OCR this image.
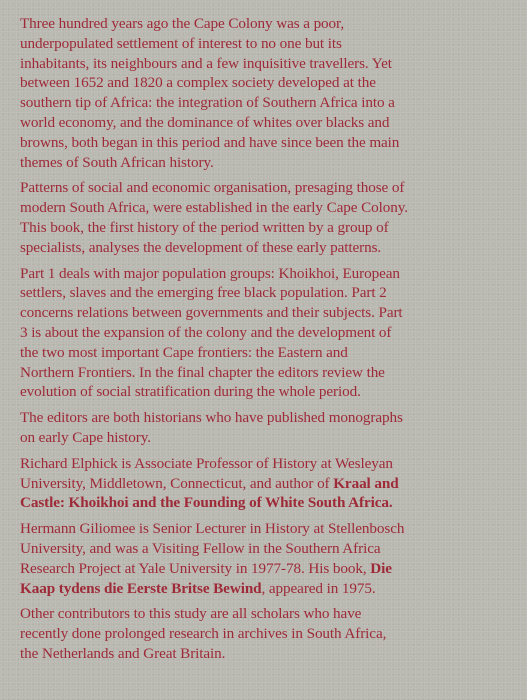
Three hundred years ago the Cape Colony was a poor,
underpopulated settlement of interest to no one but its
inhabitants, its neighbours and a few inquisitive travellers. Yet
between 1652 and 1820 a complex society developed at the
southern tip of Africa: the integration of Southern Africa into a
world economy, and the dominance of whites over blacks and
browns, both began in this period and have since been the main
themes of South African history.

Patterns of social and economic organisation, presaging those of
modern South Africa, were established in the early Cape Colony.
This book, the first history of the period written by a group of
specialists, analyses the development of these early patterns.

Part 1 deals with major population groups: Khoikhoi, European
settlers, slaves and the emerging free black population. Part 2
concerns relations between governments and their subjects. Part
3 is about the expansion of the colony and the development of
the two most important Cape frontiers: the Eastern and
Northern Frontiers. In the final chapter the editors review the
evolution of social stratification during the whole period.

The editors are both historians who have published monographs
on early Cape history.

Richard Elphick is Associate Professor of History at Wesleyan
University, Middletown, Connecticut, and author of Kraal and
Castle: Khoikhoi and the Founding of White South Africa.

Hermann Giliomee is Senior Lecturer in History at Stellenbosch
University, and was a Visiting Fellow in the Southern Africa
Research Project at Yale University in 1977-78. His book, Die
Kaap tydens die Eerste Britse Bewind, appeared in 1975.

Other contributors to this study are all scholars who have
recently done prolonged research in archives in South Africa,
the Netherlands and Great Britain.
